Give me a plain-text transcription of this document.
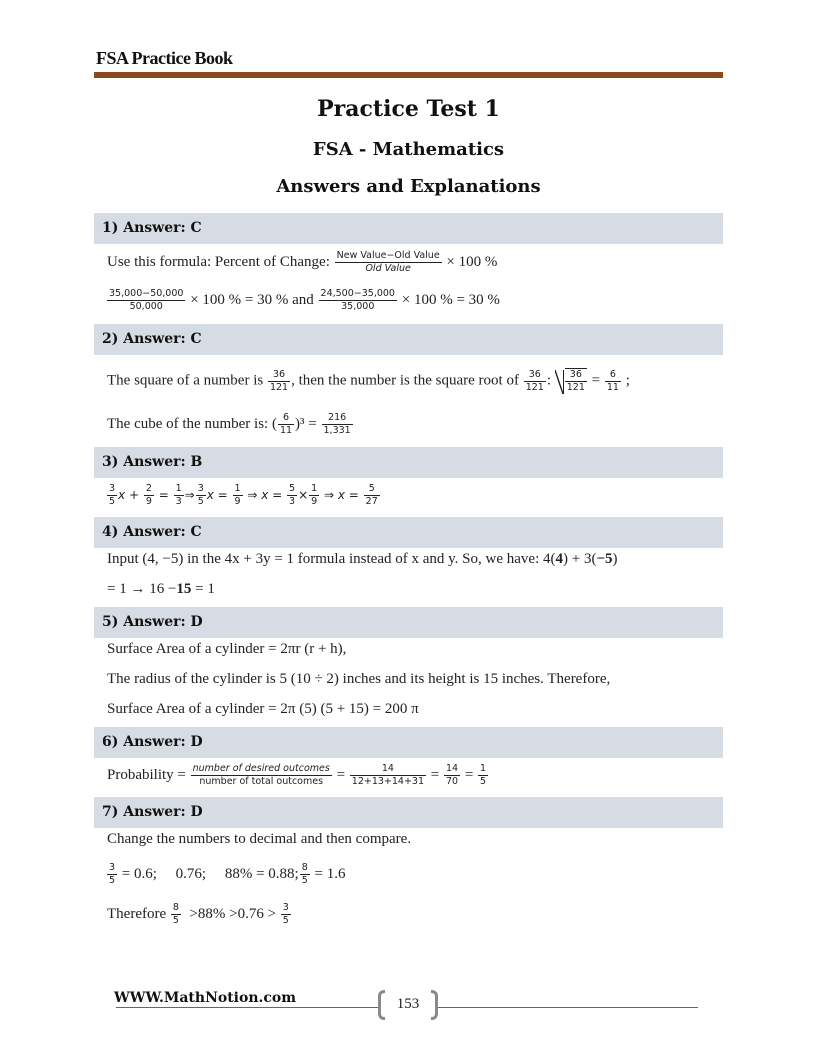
FSA Practice Book
Practice Test 1
FSA - Mathematics
Answers and Explanations
1) Answer: C
Use this formula: Percent of Change: $\frac{\text{New Value−Old Value}}{\text{Old Value}} \times 100$ %
$\frac{35,000-50,000}{50,000} \times 100$ % = 30 % and $\frac{24,500-35,000}{35,000} \times 100$ % = 30 %
2) Answer: C
The square of a number is $\frac{36}{121}$ , then the number is the square root of $\frac{36}{121}$ : $\frac{36}{121} = \frac{6}{11}$ ;
The cube of the number is: ( $\frac{6}{11} )^3 = \frac{216}{1,331}$
3) Answer: B
$\frac{3}{5}$ $x + \frac{2}{9} = \frac{1}{3}$ ⇒ $\frac{3}{5}$ $x = \frac{1}{9}$ ⇒ $x = \frac{5}{3} \times \frac{1}{9}$ ⇒ $x = \frac{5}{27}$
4) Answer: C
Input (4, −5) in the 4x + 3y = 1 formula instead of x and y. So, we have: 4(4) + 3(−5)
= 1 → 16 −15 = 1
5) Answer: D
Surface Area of a cylinder = 2πr (r + h),
The radius of the cylinder is 5 (10 ÷ 2) inches and its height is 15 inches. Therefore,
Surface Area of a cylinder = 2π (5) (5 + 15) = 200 π
6) Answer: D
Probability = $\frac{\text{number of desired outcomes}}{\text{number of total outcomes}} = \frac{14}{12+13+14+31} = \frac{14}{70} = \frac{1}{5}$
7) Answer: D
Change the numbers to decimal and then compare.
$\frac{3}{5} = 0.6$;     0.76;     88% = 0.88; $\frac{8}{5} = 1.6$
Therefore $\frac{8}{5} >88\% >0.76 > \frac{3}{5}$
WWW.MathNotion.com	153
